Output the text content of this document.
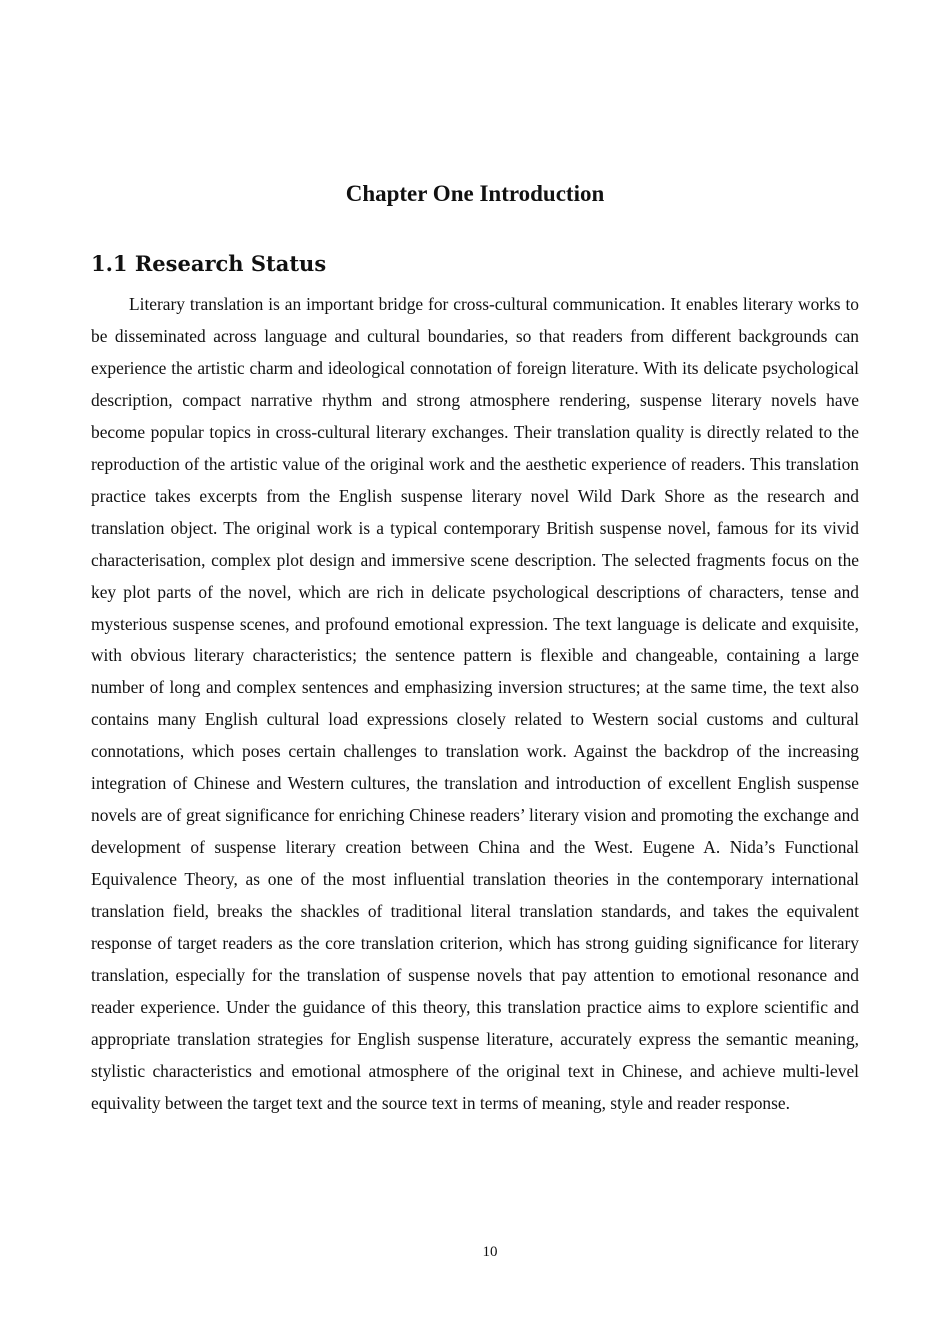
Chapter One Introduction
1.1 Research Status

Literary translation is an important bridge for cross-cultural communication. It enables literary works to be disseminated across language and cultural boundaries, so that readers from different backgrounds can experience the artistic charm and ideological connotation of foreign literature. With its delicate psychological description, compact narrative rhythm and strong atmosphere rendering, suspense literary novels have become popular topics in cross-cultural literary exchanges. Their translation quality is directly related to the reproduction of the artistic value of the original work and the aesthetic experience of readers. This translation practice takes excerpts from the English suspense literary novel Wild Dark Shore as the research and translation object. The original work is a typical contemporary British suspense novel, famous for its vivid characterisation, complex plot design and immersive scene description. The selected fragments focus on the key plot parts of the novel, which are rich in delicate psychological descriptions of characters, tense and mysterious suspense scenes, and profound emotional expression. The text language is delicate and exquisite, with obvious literary characteristics; the sentence pattern is flexible and changeable, containing a large number of long and complex sentences and emphasizing inversion structures; at the same time, the text also contains many English cultural load expressions closely related to Western social customs and cultural connotations, which poses certain challenges to translation work. Against the backdrop of the increasing integration of Chinese and Western cultures, the translation and introduction of excellent English suspense novels are of great significance for enriching Chinese readers’ literary vision and promoting the exchange and development of suspense literary creation between China and the West. Eugene A. Nida’s Functional Equivalence Theory, as one of the most influential translation theories in the contemporary international translation field, breaks the shackles of traditional literal translation standards, and takes the equivalent response of target readers as the core translation criterion, which has strong guiding significance for literary translation, especially for the translation of suspense novels that pay attention to emotional resonance and reader experience. Under the guidance of this theory, this translation practice aims to explore scientific and appropriate translation strategies for English suspense literature, accurately express the semantic meaning, stylistic characteristics and emotional atmosphere of the original text in Chinese, and achieve multi-level equivality between the target text and the source text in terms of meaning, style and reader response.

10
